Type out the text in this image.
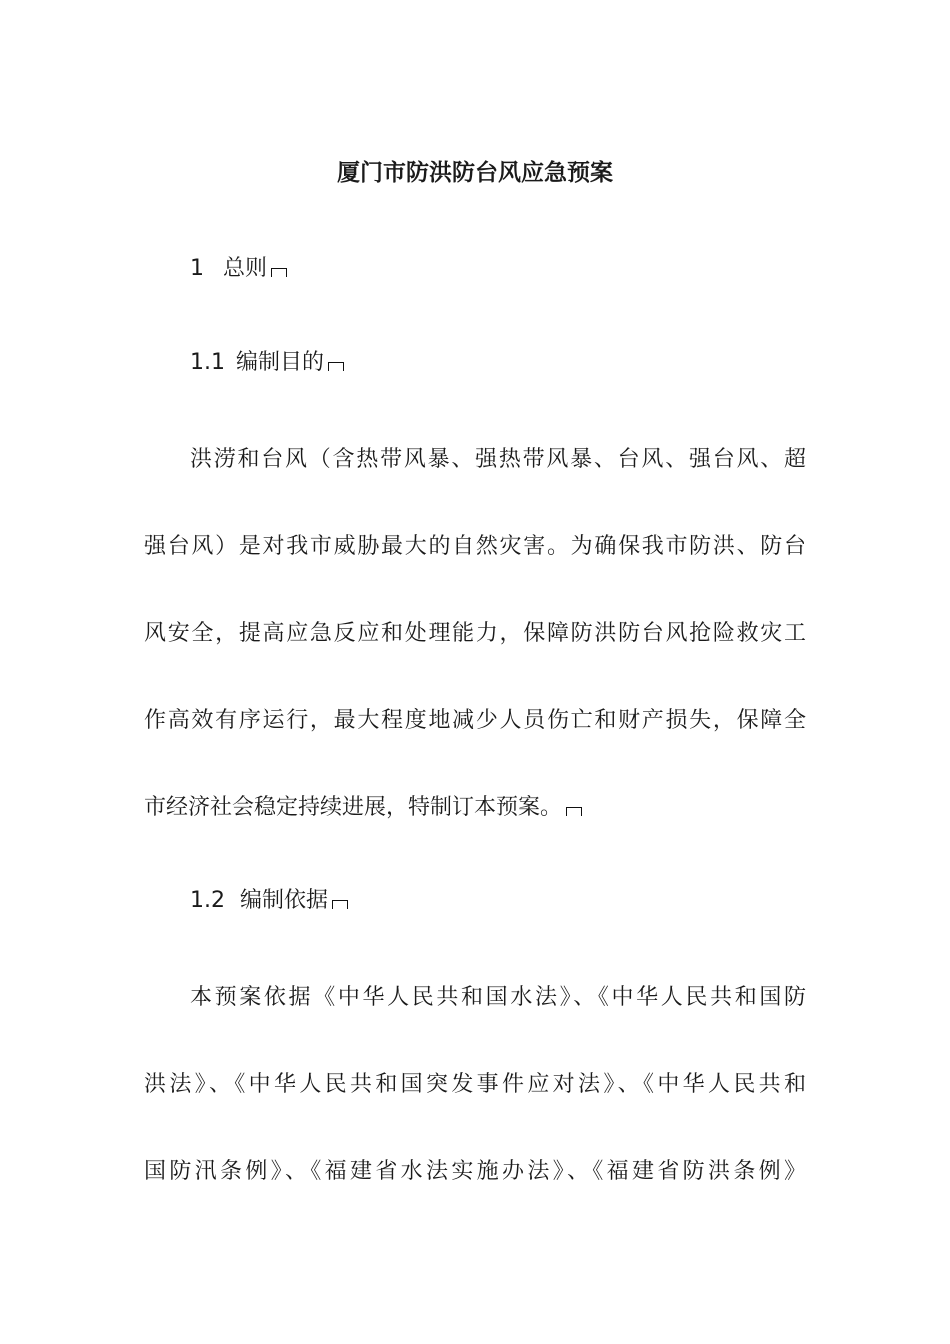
厦门市防洪防台风应急预案
1 总则
1.1 编制目的
洪涝和台风（含热带风暴、强热带风暴、台风、强台风、超
强台风）是对我市威胁最大的自然灾害。为确保我市防洪、防台
风安全，提高应急反应和处理能力，保障防洪防台风抢险救灾工
作高效有序运行，最大程度地减少人员伤亡和财产损失，保障全
市经济社会稳定持续进展，特制订本预案。
1.2 编制依据
本预案依据《中华人民共和国水法》、《中华人民共和国防
洪法》、《中华人民共和国突发事件应对法》、《中华人民共和
国防汛条例》、《福建省水法实施办法》、《福建省防洪条例》
